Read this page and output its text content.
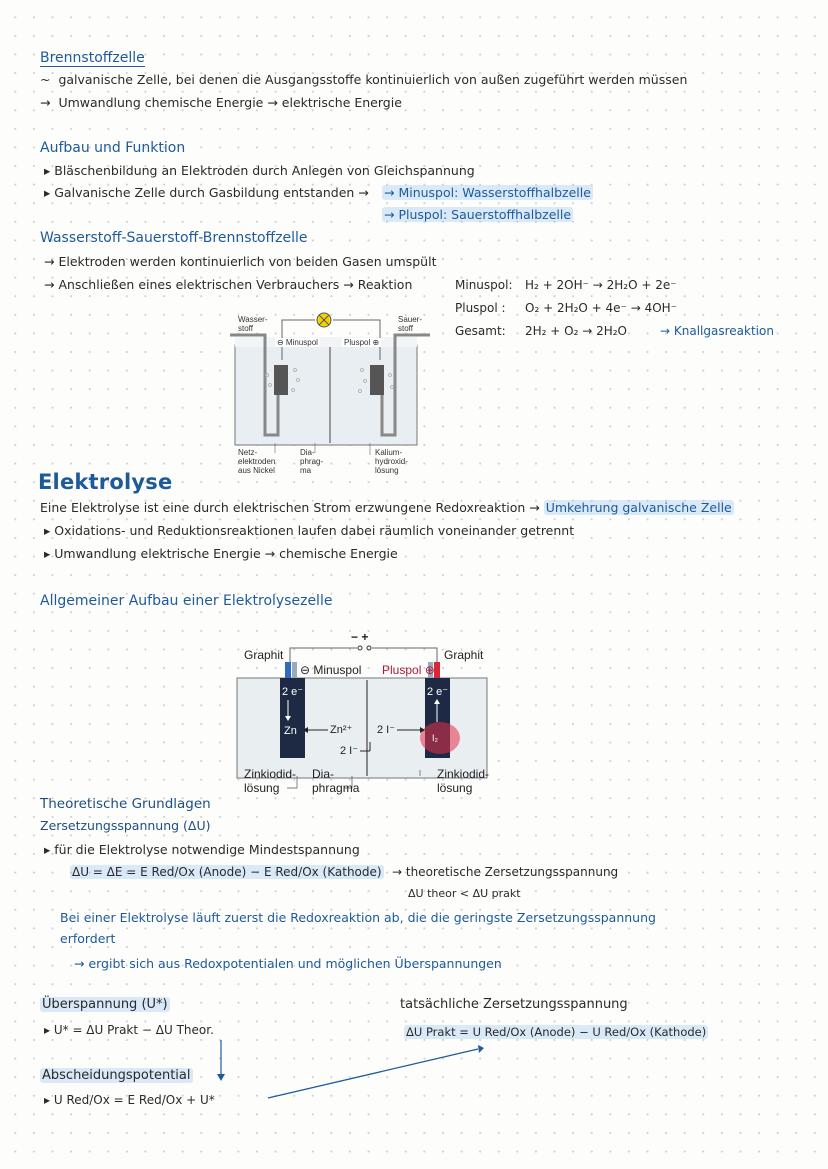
Brennstoffzelle
~ galvanische Zelle, bei denen die Ausgangsstoffe kontinuierlich von außen zugeführt werden müssen
→ Umwandlung chemische Energie → elektrische Energie
Aufbau und Funktion
▸ Bläschenbildung an Elektroden durch Anlegen von Gleichspannung
▸ Galvanische Zelle durch Gasbildung entstanden → → Minuspol: Wasserstoffhalbzelle
→ Pluspol: Sauerstoffhalbzelle
Wasserstoff-Sauerstoff-Brennstoffzelle
→ Elektroden werden kontinuierlich von beiden Gasen umspült
→ Anschließen eines elektrischen Verbrauchers → Reaktion	Minuspol: H₂ + 2OH⁻ → 2H₂O + 2e⁻
Pluspol : O₂ + 2H₂O + 4e⁻ → 4OH⁻
Gesamt: 2H₂ + O₂ → 2H₂O	→ Knallgasreaktion
Wasser-
stoff
Sauer-
stoff
⊖ Minuspol	Pluspol ⊕
Netz-
elektroden
aus Nickel
Dia-
phrag-
ma
Kalium-
hydroxid-
lösung
Elektrolyse
Eine Elektrolyse ist eine durch elektrischen Strom erzwungene Redoxreaktion → Umkehrung galvanische Zelle
▸ Oxidations- und Reduktionsreaktionen laufen dabei räumlich voneinander getrennt
▸ Umwandlung elektrische Energie → chemische Energie
Allgemeiner Aufbau einer Elektrolysezelle
Graphit	Graphit
⊖ Minuspol Pluspol ⊕
− +
2 e⁻	2 e⁻
Zn	Zn²⁺ 2 I⁻
I₂
2 I⁻
Zinkiodid-
lösung
Dia-
phragma
Zinkiodid-
lösung
Theoretische Grundlagen
Zersetzungsspannung (ΔU)
▸ für die Elektrolyse notwendige Mindestspannung
ΔU = ΔE = E Red/Ox (Anode) − E Red/Ox (Kathode) → theoretische Zersetzungsspannung
ΔU theor < ΔU prakt
Bei einer Elektrolyse läuft zuerst die Redoxreaktion ab, die die geringste Zersetzungsspannung
erfordert
→ ergibt sich aus Redoxpotentialen und möglichen Überspannungen
Überspannung (U*)
▸ U* = ΔU Prakt − ΔU Theor.
tatsächliche Zersetzungsspannung
ΔU Prakt = U Red/Ox (Anode) − U Red/Ox (Kathode)
Abscheidungspotential
▸ U Red/Ox = E Red/Ox + U*
